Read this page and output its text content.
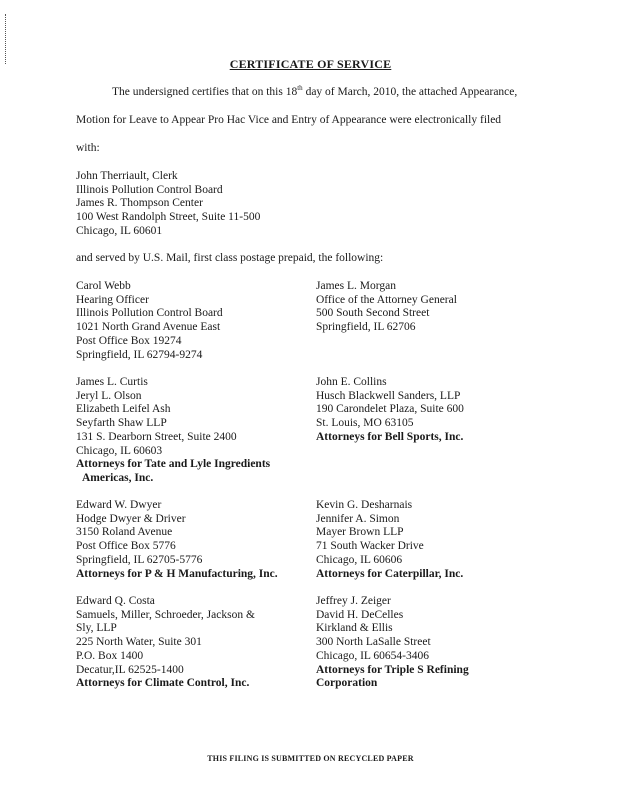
CERTIFICATE OF SERVICE
The undersigned certifies that on this 18th day of March, 2010, the attached Appearance,
Motion for Leave to Appear Pro Hac Vice and Entry of Appearance were electronically filed
with:
John Therriault, Clerk
Illinois Pollution Control Board
James R. Thompson Center
100 West Randolph Street, Suite 11-500
Chicago, IL 60601
and served by U.S. Mail, first class postage prepaid, the following:
Carol Webb
Hearing Officer
Illinois Pollution Control Board
1021 North Grand Avenue East
Post Office Box 19274
Springfield, IL 62794-9274
James L. Morgan
Office of the Attorney General
500 South Second Street
Springfield, IL 62706
James L. Curtis
Jeryl L. Olson
Elizabeth Leifel Ash
Seyfarth Shaw LLP
131 S. Dearborn Street, Suite 2400
Chicago, IL 60603
Attorneys for Tate and Lyle Ingredients
Americas, Inc.
John E. Collins
Husch Blackwell Sanders, LLP
190 Carondelet Plaza, Suite 600
St. Louis, MO 63105
Attorneys for Bell Sports, Inc.
Edward W. Dwyer
Hodge Dwyer & Driver
3150 Roland Avenue
Post Office Box 5776
Springfield, IL 62705-5776
Attorneys for P & H Manufacturing, Inc.
Kevin G. Desharnais
Jennifer A. Simon
Mayer Brown LLP
71 South Wacker Drive
Chicago, IL 60606
Attorneys for Caterpillar, Inc.
Edward Q. Costa
Samuels, Miller, Schroeder, Jackson &
Sly, LLP
225 North Water, Suite 301
P.O. Box 1400
Decatur,IL 62525-1400
Attorneys for Climate Control, Inc.
Jeffrey J. Zeiger
David H. DeCelles
Kirkland & Ellis
300 North LaSalle Street
Chicago, IL 60654-3406
Attorneys for Triple S Refining
Corporation
THIS FILING IS SUBMITTED ON RECYCLED PAPER
